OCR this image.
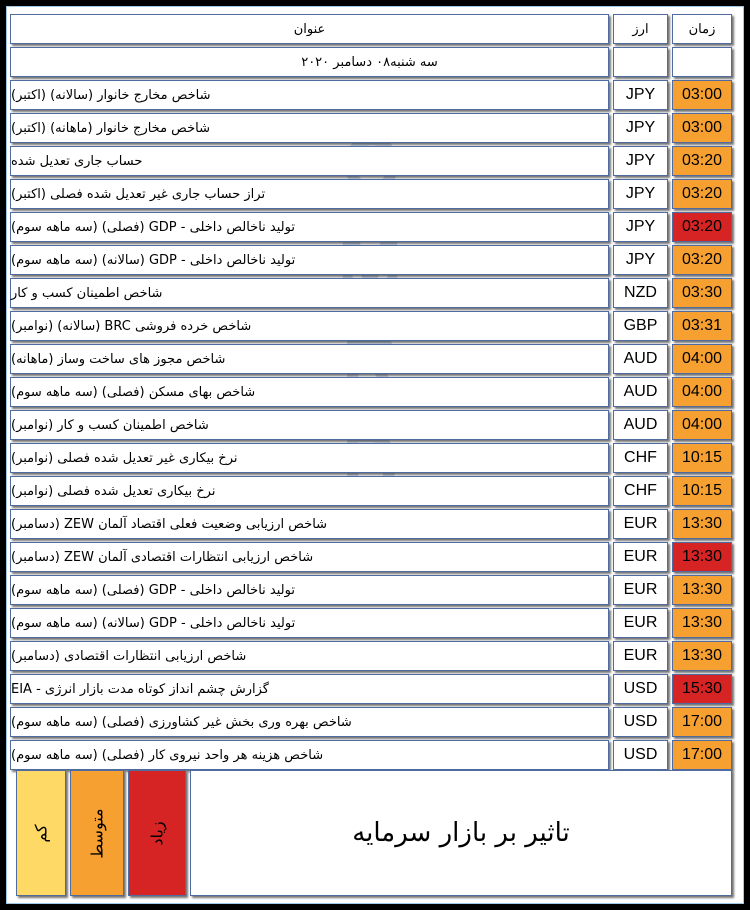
عنوان	ارز	زمان
سه شنبه۰۸ دسامبر ۲۰۲۰
شاخص مخارج خانوار (سالانه) (اکتبر)	JPY	03:00
شاخص مخارج خانوار (ماهانه) (اکتبر)	JPY	03:00
حساب جاری تعدیل شده	JPY	03:20
تراز حساب جاری غیر تعدیل شده فصلی (اکتبر)	JPY	03:20
تولید ناخالص داخلی - GDP (فصلی) (سه ماهه سوم)	JPY	03:20
تولید ناخالص داخلی - GDP (سالانه) (سه ماهه سوم)	JPY	03:20
شاخص اطمینان کسب و کار	NZD	03:30
شاخص خرده فروشی BRC (سالانه) (نوامبر)	GBP	03:31
شاخص مجوز های ساخت وساز (ماهانه)	AUD	04:00
شاخص بهای مسکن (فصلی) (سه ماهه سوم)	AUD	04:00
شاخص اطمینان کسب و کار (نوامبر)	AUD	04:00
نرخ بیکاری غیر تعدیل شده فصلی (نوامبر)	CHF	10:15
نرخ بیکاری تعدیل شده فصلی (نوامبر)	CHF	10:15
شاخص ارزیابی وضعیت فعلی اقتصاد آلمان ZEW (دسامبر)	EUR	13:30
شاخص ارزیابی انتظارات اقتصادی آلمان ZEW (دسامبر)	EUR	13:30
تولید ناخالص داخلی - GDP (فصلی) (سه ماهه سوم)	EUR	13:30
تولید ناخالص داخلی - GDP (سالانه) (سه ماهه سوم)	EUR	13:30
شاخص ارزیابی انتظارات اقتصادی (دسامبر)	EUR	13:30
گزارش چشم انداز کوتاه مدت بازار انرژی - EIA	USD	15:30
شاخص بهره وری بخش غیر کشاورزی (فصلی) (سه ماهه سوم)	USD	17:00
شاخص هزینه هر واحد نیروی کار (فصلی) (سه ماهه سوم)	USD	17:00
کم متوسط	زیاد	تاثیر بر بازار سرمایه
